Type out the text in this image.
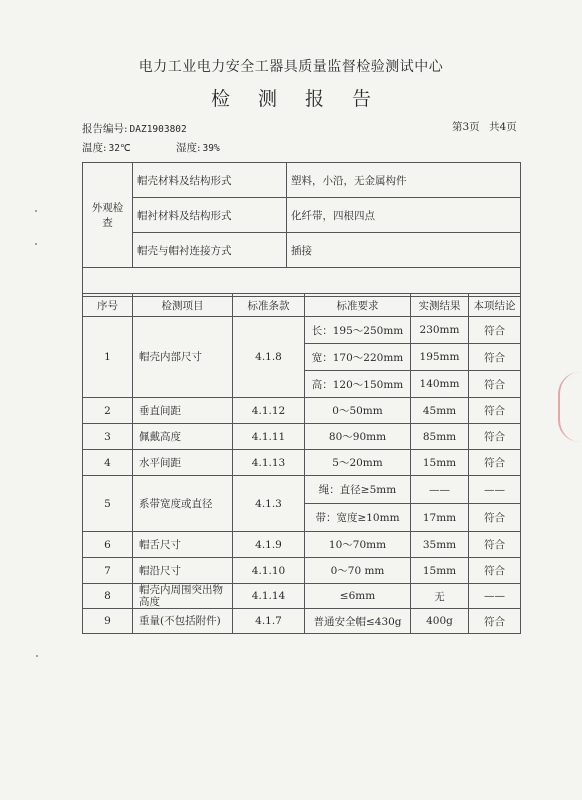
电力工业电力安全工器具质量监督检验测试中心
检测报告
报告编号: DAZ1903802	第3页 共4页
温度: 32℃	湿度: 39%
外观检查	帽壳材料及结构形式	塑料，小沿，无金属构件
	帽衬材料及结构形式	化纤带，四根四点
	帽壳与帽衬连接方式	插接

序号	检测项目	标准条款	标准要求	实测结果	本项结论
1	帽壳内部尺寸	4.1.8	长：195～250mm	230mm	符合
			宽：170～220mm	195mm	符合
			高：120～150mm	140mm	符合
2	垂直间距	4.1.12	0～50mm	45mm	符合
3	佩戴高度	4.1.11	80～90mm	85mm	符合
4	水平间距	4.1.13	5～20mm	15mm	符合
5	系带宽度或直径	4.1.3	绳：直径≥5mm	——	——
			带：宽度≥10mm	17mm	符合
6	帽舌尺寸	4.1.9	10～70mm	35mm	符合
7	帽沿尺寸	4.1.10	0～70 mm	15mm	符合
8	帽壳内周围突出物高度	4.1.14	≤6mm	无	——
9	重量(不包括附件)	4.1.7	普通安全帽≤430g	400g	符合
